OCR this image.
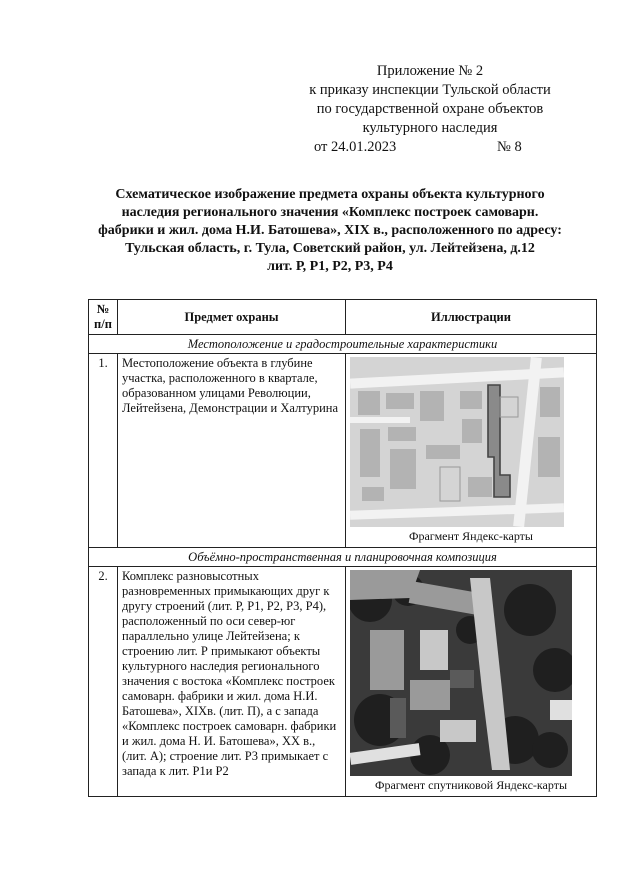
Приложение № 2
к приказу инспекции Тульской области
по государственной охране объектов
культурного наследия
от 24.01.2023	№ 8
Схематическое изображение предмета охраны объекта культурного
наследия регионального значения «Комплекс построек самоварн.
фабрики и жил. дома Н.И. Батошева», XIX в., расположенного по адресу:
Тульская область, г. Тула, Советский район, ул. Лейтейзена, д.12
лит. Р, Р1, Р2, Р3, Р4
№ п/п	Предмет охраны	Иллюстрации
Местоположение и градостроительные характеристики		
1.	Местоположение объекта в глубине участка, расположенного в квартале, образованном улицами Революции, Лейтейзена, Демонстрации и Халтурина	Фрагмент Яндекс-карты

Объёмно-пространственная и планировочная композиция		
2.	Комплекс разновысотных разновременных примыкающих друг к другу строений (лит. Р, Р1, Р2, Р3, Р4), расположенный по оси север-юг параллельно улице Лейтейзена; к строению лит. Р примыкают объекты культурного наследия регионального значения с востока «Комплекс построек самоварн. фабрики и жил. дома Н.И. Батошева», XIXв. (лит. П), а с запада «Комплекс построек самоварн. фабрики и жил. дома Н. И. Батошева», XX в., (лит. А); строение лит. Р3 примыкает с запада к лит. Р1и Р2	Фрагмент спутниковой Яндекс-карты
